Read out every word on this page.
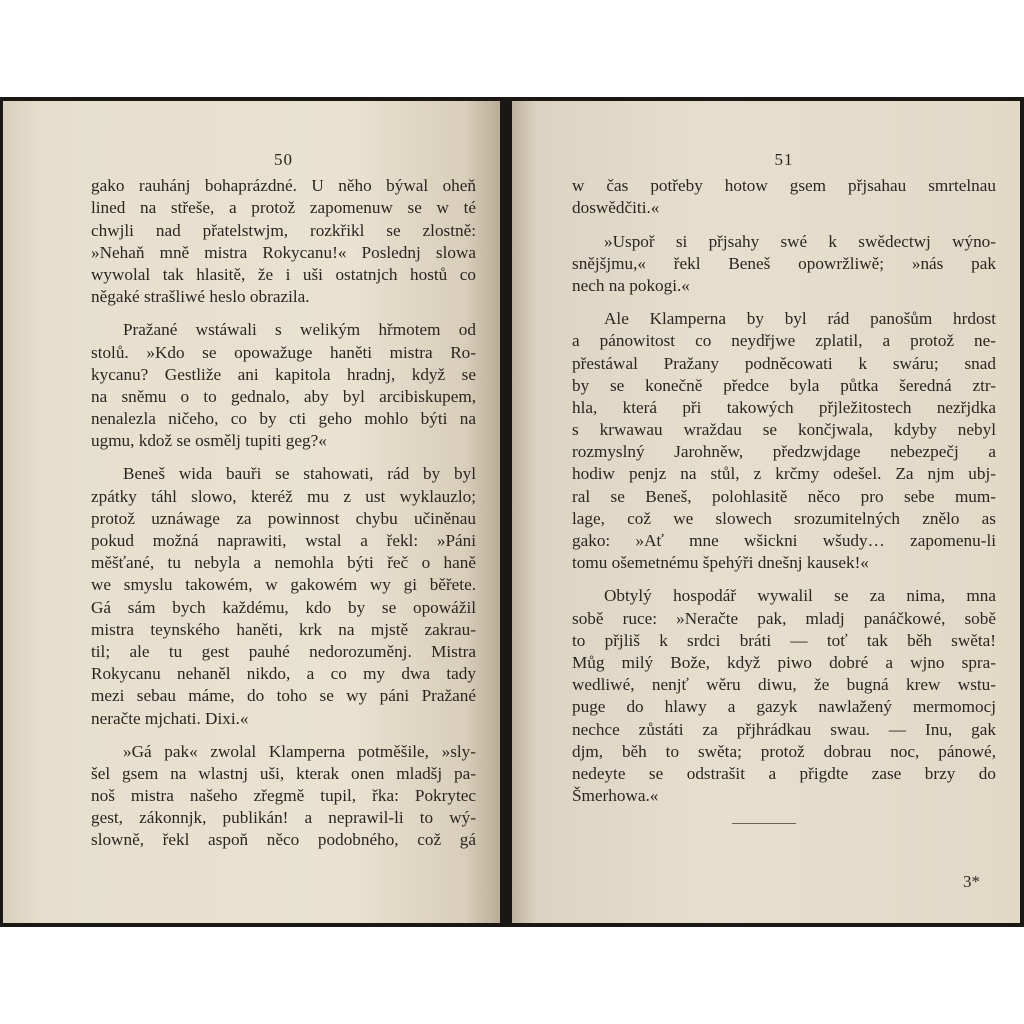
50
gako rauhánj bohaprázdné. U něho býwal oheň
lined na střeše, a protož zapomenuw se w té
chwjli nad přatelstwjm, rozkřikl se zlostně:
»Nehaň mně mistra Rokycanu!« Poslednj slowa
wywolal tak hlasitě, že i uši ostatnjch hostů co
něgaké strašliwé heslo obrazila.
Pražané wstáwali s welikým hřmotem od
stolů. »Kdo se opowažuge haněti mistra Ro-
kycanu? Gestliže ani kapitola hradnj, když se
na sněmu o to gednalo, aby byl arcibiskupem,
nenalezla ničeho, co by cti geho mohlo býti na
ugmu, kdož se osmělj tupiti geg?«
Beneš wida bauři se stahowati, rád by byl
zpátky táhl slowo, kteréž mu z ust wyklauzlo;
protož uznáwage za powinnost chybu učiněnau
pokud možná naprawiti, wstal a řekl: »Páni
měšťané, tu nebyla a nemohla býti řeč o haně
we smyslu takowém, w gakowém wy gi běřete.
Gá sám bych každému, kdo by se opowážil
mistra teynského haněti, krk na mjstě zakrau-
til; ale tu gest pauhé nedorozuměnj. Mistra
Rokycanu nehaněl nikdo, a co my dwa tady
mezi sebau máme, do toho se wy páni Pražané
neračte mjchati. Dixi.«
»Gá pak« zwolal Klamperna potměšile, »sly-
šel gsem na wlastnj uši, kterak onen mladšj pa-
noš mistra našeho zřegmě tupil, řka: Pokrytec
gest, zákonnjk, publikán! a neprawil-li to wý-
slowně, řekl aspoň něco podobného, což gá
51
w čas potřeby hotow gsem přjsahau smrtelnau
doswědčiti.«
»Uspoř si přjsahy swé k swědectwj wýno-
snějšjmu,« řekl Beneš opowržliwě; »nás pak
nech na pokogi.«
Ale Klamperna by byl rád panošům hrdost
a pánowitost co neydřjwe zplatil, a protož ne-
přestáwal Pražany podněcowati k swáru; snad
by se konečně předce byla půtka šeredná ztr-
hla, která při takowých přjležitostech nezřjdka
s krwawau wraždau se končjwala, kdyby nebyl
rozmyslný Jarohněw, předzwjdage nebezpečj a
hodiw penjz na stůl, z krčmy odešel. Za njm ubj-
ral se Beneš, polohlasitě něco pro sebe mum-
lage, což we slowech srozumitelných znělo as
gako: »Ať mne wšickni wšudy… zapomenu-li
tomu ošemetnému špehýři dnešnj kausek!«
Obtylý hospodář wywalil se za nima, mna
sobě ruce: »Neračte pak, mladj panáčkowé, sobě
to přjliš k srdci bráti — toť tak běh swěta!
Můg milý Bože, když piwo dobré a wjno spra-
wedliwé, nenjť wěru diwu, že bugná krew wstu-
puge do hlawy a gazyk nawlažený mermomocj
nechce zůstáti za přjhrádkau swau. — Inu, gak
djm, běh to swěta; protož dobrau noc, pánowé,
nedeyte se odstrašit a přigdte zase brzy do
Šmerhowa.«
3*
